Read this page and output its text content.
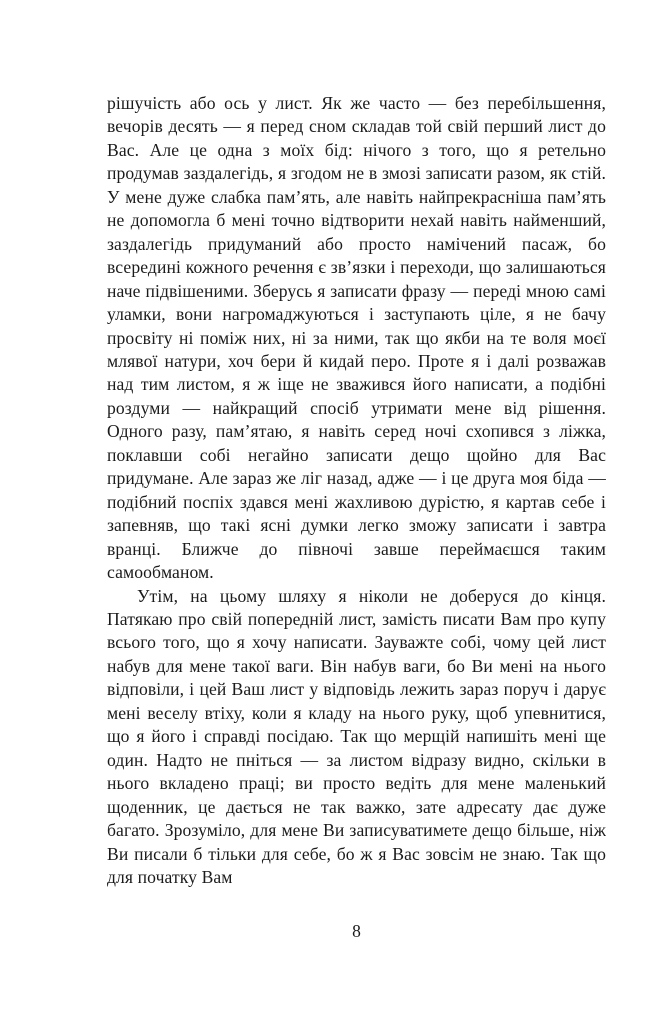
рішучість або ось у лист. Як же часто — без перебільшення, вечорів десять — я перед сном складав той свій перший лист до Вас. Але це одна з моїх бід: нічого з того, що я ретельно продумав заздалегідь, я згодом не в змозі записати разом, як стій. У мене дуже слабка пам’ять, але навіть найпрекрасніша пам’ять не допомогла б мені точно відтворити нехай навіть найменший, заздалегідь придуманий або просто намічений пасаж, бо всередині кожного речення є зв’язки і переходи, що залишаються наче підвішеними. Зберусь я записати фразу — переді мною самі уламки, вони нагромаджуються і заступають ціле, я не бачу просвіту ні поміж них, ні за ними, так що якби на те воля моєї млявої натури, хоч бери й кидай перо. Проте я і далі розважав над тим листом, я ж іще не зважився його написати, а подібні роздуми — найкращий спосіб утримати мене від рішення. Одного разу, пам’ятаю, я навіть серед ночі схопився з ліжка, поклавши собі негайно записати дещо щойно для Вас придумане. Але зараз же ліг назад, адже — і це друга моя біда — подібний поспіх здався мені жахливою дурістю, я картав себе і запевняв, що такі ясні думки легко зможу записати і завтра вранці. Ближче до півночі завше переймаєшся таким самообманом.

Утім, на цьому шляху я ніколи не доберуся до кінця. Патякаю про свій попередній лист, замість писати Вам про купу всього того, що я хочу написати. Зауважте собі, чому цей лист набув для мене такої ваги. Він набув ваги, бо Ви мені на нього відповіли, і цей Ваш лист у відповідь лежить зараз поруч і дарує мені веселу втіху, коли я кладу на нього руку, щоб упевнитися, що я його і справді посідаю. Так що мерщій напишіть мені ще один. Надто не пніться — за листом відразу видно, скільки в нього вкладено праці; ви просто ведіть для мене маленький щоденник, це дається не так важко, зате адресату дає дуже багато. Зрозуміло, для мене Ви записуватимете дещо більше, ніж Ви писали б тільки для себе, бо ж я Вас зовсім не знаю. Так що для початку Вам

8
